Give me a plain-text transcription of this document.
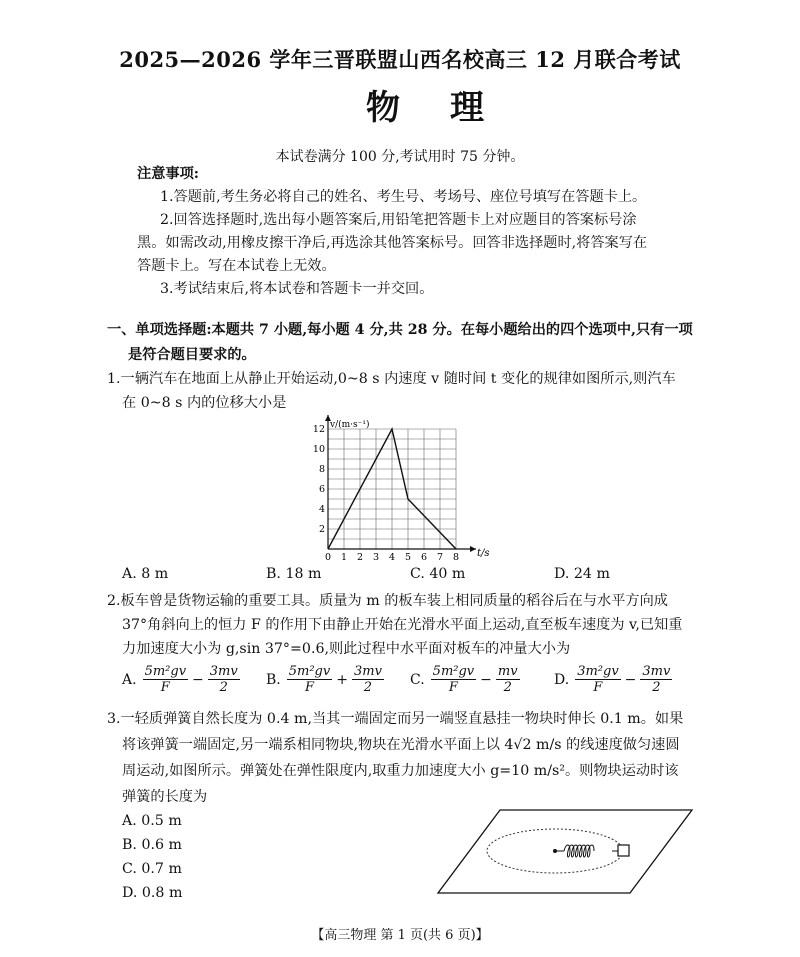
2025—2026 学年三晋联盟山西名校高三 12 月联合考试
物理
本试卷满分 100 分,考试用时 75 分钟。
注意事项:
1.答题前,考生务必将自己的姓名、考生号、考场号、座位号填写在答题卡上。
2.回答选择题时,选出每小题答案后,用铅笔把答题卡上对应题目的答案标号涂
黑。如需改动,用橡皮擦干净后,再选涂其他答案标号。回答非选择题时,将答案写在
答题卡上。写在本试卷上无效。
3.考试结束后,将本试卷和答题卡一并交回。
一、单项选择题:本题共 7 小题,每小题 4 分,共 28 分。在每小题给出的四个选项中,只有一项
是符合题目要求的。
1.一辆汽车在地面上从静止开始运动,0~8 s 内速度 v 随时间 t 变化的规律如图所示,则汽车
在 0~8 s 内的位移大小是
0 1 2 3 4 5 6 7 8
2
4
6
8
10
12 v/(m·s⁻¹)
t/s
A. 8 m	B. 18 m	C. 40 m	D. 24 m
2.板车曾是货物运输的重要工具。质量为 m 的板车装上相同质量的稻谷后在与水平方向成
37°角斜向上的恒力 F 的作用下由静止开始在光滑水平面上运动,直至板车速度为 v,已知重
力加速度大小为 g,sin 37°=0.6,则此过程中水平面对板车的冲量大小为
A. $\frac{\text{5m²gv}}{F} - \frac{3mv}{2} B$. $\frac{\text{5m²gv}}{F} + \frac{3mv}{2} C$. $\frac{\text{5m²gv}}{F} - \frac{mv}{2} D$. $\frac{\text{3m²gv}}{F} - \frac{3mv}{2}$
3.一轻质弹簧自然长度为 0.4 m,当其一端固定而另一端竖直悬挂一物块时伸长 0.1 m。如果
将该弹簧一端固定,另一端系相同物块,物块在光滑水平面上以 4√2 m/s 的线速度做匀速圆
周运动,如图所示。弹簧处在弹性限度内,取重力加速度大小 g=10 m/s²。则物块运动时该
弹簧的长度为
A. 0.5 m
B. 0.6 m
C. 0.7 m
D. 0.8 m
【高三物理 第 1 页(共 6 页)】
